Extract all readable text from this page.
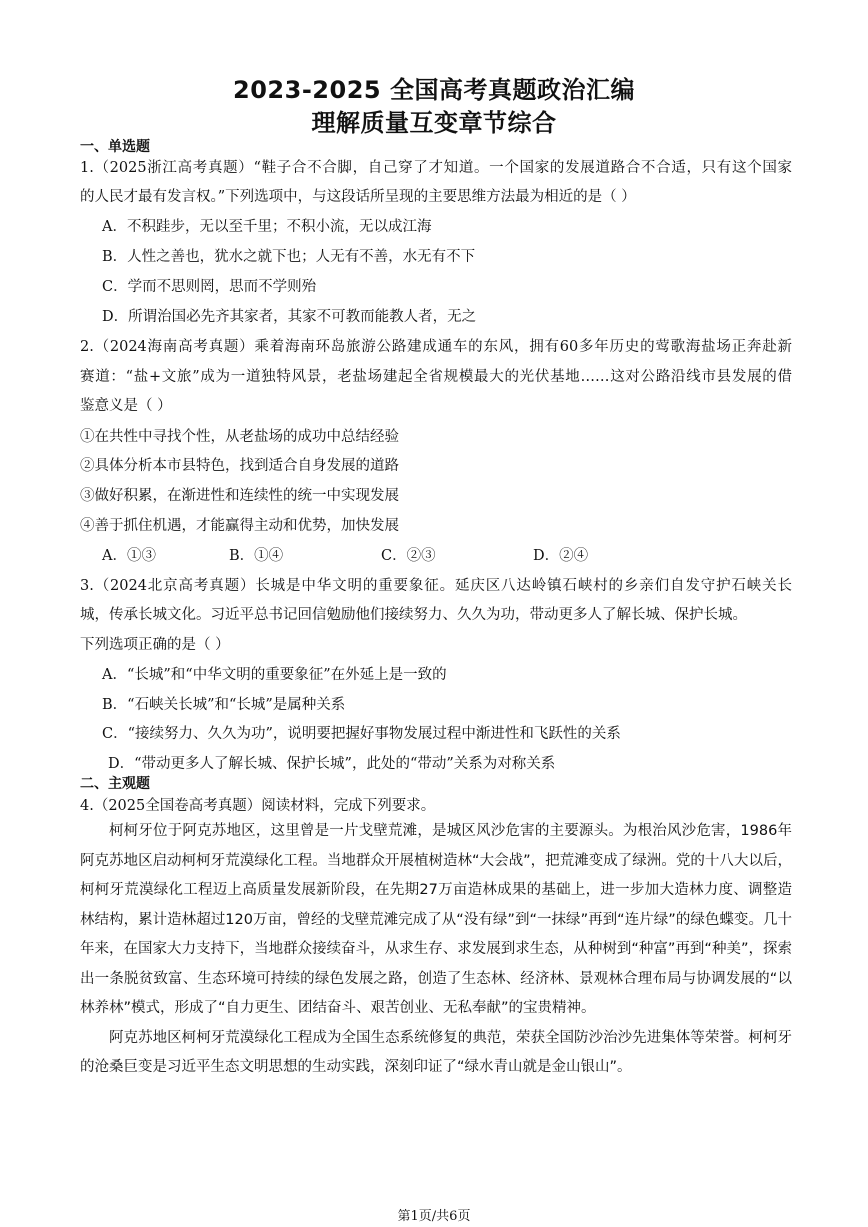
2023-2025 全国高考真题政治汇编
理解质量互变章节综合
一、单选题
1.（2025浙江高考真题）“鞋子合不合脚，自己穿了才知道。一个国家的发展道路合不合适，只有这个国家
的人民才最有发言权。”下列选项中，与这段话所呈现的主要思维方法最为相近的是（ ）
A．不积跬步，无以至千里；不积小流，无以成江海
B．人性之善也，犹水之就下也；人无有不善，水无有不下
C．学而不思则罔，思而不学则殆
D．所谓治国必先齐其家者，其家不可教而能教人者，无之
2.（2024海南高考真题）乘着海南环岛旅游公路建成通车的东风，拥有60多年历史的莺歌海盐场正奔赴新
赛道：“盐+文旅”成为一道独特风景，老盐场建起全省规模最大的光伏基地……这对公路沿线市县发展的借
鉴意义是（ ）
①在共性中寻找个性，从老盐场的成功中总结经验
②具体分析本市县特色，找到适合自身发展的道路
③做好积累，在渐进性和连续性的统一中实现发展
④善于抓住机遇，才能赢得主动和优势，加快发展
A．①③	B．①④	C．②③	D．②④
3.（2024北京高考真题）长城是中华文明的重要象征。延庆区八达岭镇石峡村的乡亲们自发守护石峡关长
城，传承长城文化。习近平总书记回信勉励他们接续努力、久久为功，带动更多人了解长城、保护长城。
下列选项正确的是（ ）
A．“长城”和“中华文明的重要象征”在外延上是一致的
B．“石峡关长城”和“长城”是属种关系
C．“接续努力、久久为功”，说明要把握好事物发展过程中渐进性和飞跃性的关系
D．“带动更多人了解长城、保护长城”，此处的“带动”关系为对称关系
二、主观题
4.（2025全国卷高考真题）阅读材料，完成下列要求。

柯柯牙位于阿克苏地区，这里曾是一片戈壁荒滩，是城区风沙危害的主要源头。为根治风沙危害，1986年阿克苏地区启动柯柯牙荒漠绿化工程。当地群众开展植树造林“大会战”，把荒滩变成了绿洲。党的十八大以后，柯柯牙荒漠绿化工程迈上高质量发展新阶段，在先期27万亩造林成果的基础上，进一步加大造林力度、调整造林结构，累计造林超过120万亩，曾经的戈壁荒滩完成了从“没有绿”到“一抹绿”再到“连片绿”的绿色蝶变。几十年来，在国家大力支持下，当地群众接续奋斗，从求生存、求发展到求生态，从种树到“种富”再到“种美”，探索出一条脱贫致富、生态环境可持续的绿色发展之路，创造了生态林、经济林、景观林合理布局与协调发展的“以林养林”模式，形成了“自力更生、团结奋斗、艰苦创业、无私奉献”的宝贵精神。

阿克苏地区柯柯牙荒漠绿化工程成为全国生态系统修复的典范，荣获全国防沙治沙先进集体等荣誉。柯柯牙的沧桑巨变是习近平生态文明思想的生动实践，深刻印证了“绿水青山就是金山银山”。

第1页/共6页
